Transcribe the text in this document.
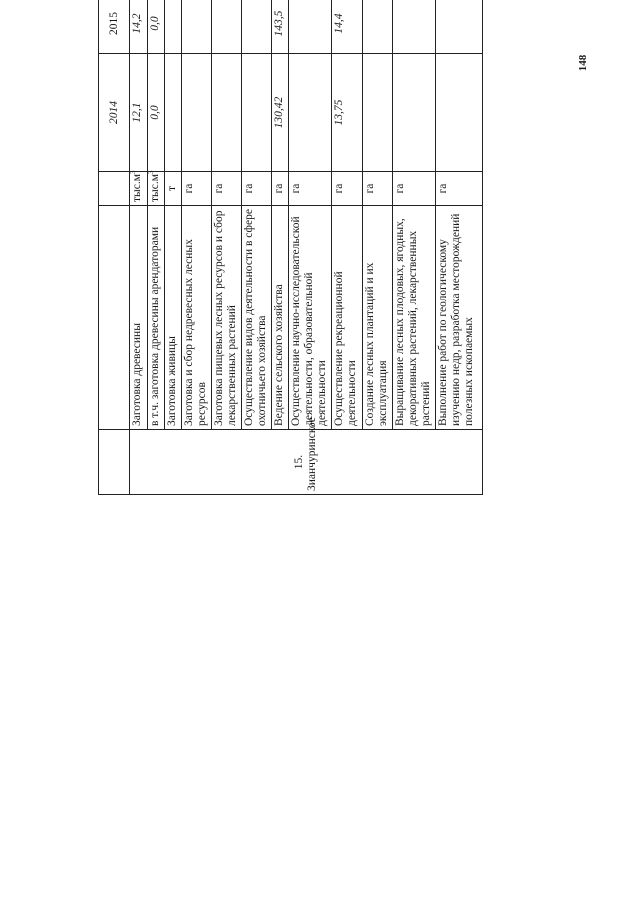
148
			2014	2015				

15. Зианчуринское	Заготовка древесины	$тыс.м^3$	12,1	14,2				
	в т.ч. заготовка древесины арендаторами	$тыс.м^3$	0,0	0,0				
	Заготовка живицы	т						
	Заготовка и сбор недревесных лесных ресурсов	га						
	Заготовка пищевых лесных ресурсов и сбор лекарственных растений	га						
	Осуществление видов деятельности в сфере охотничьего хозяйства	га						
	Ведение сельского хозяйства	га	130,42	143,5				
	Осуществление научно-исследовательской деятельности, образовательной деятельности	га						
	Осуществление рекреационной деятельности	га	13,75	14,4				
	Создание лесных плантаций и их эксплуатация	га						
	Выращивание лесных плодовых, ягодных, декоративных растений, лекарственных растений	га						
	Выполнение работ по геологическому изучению недр, разработка месторождений полезных ископаемых	га						
